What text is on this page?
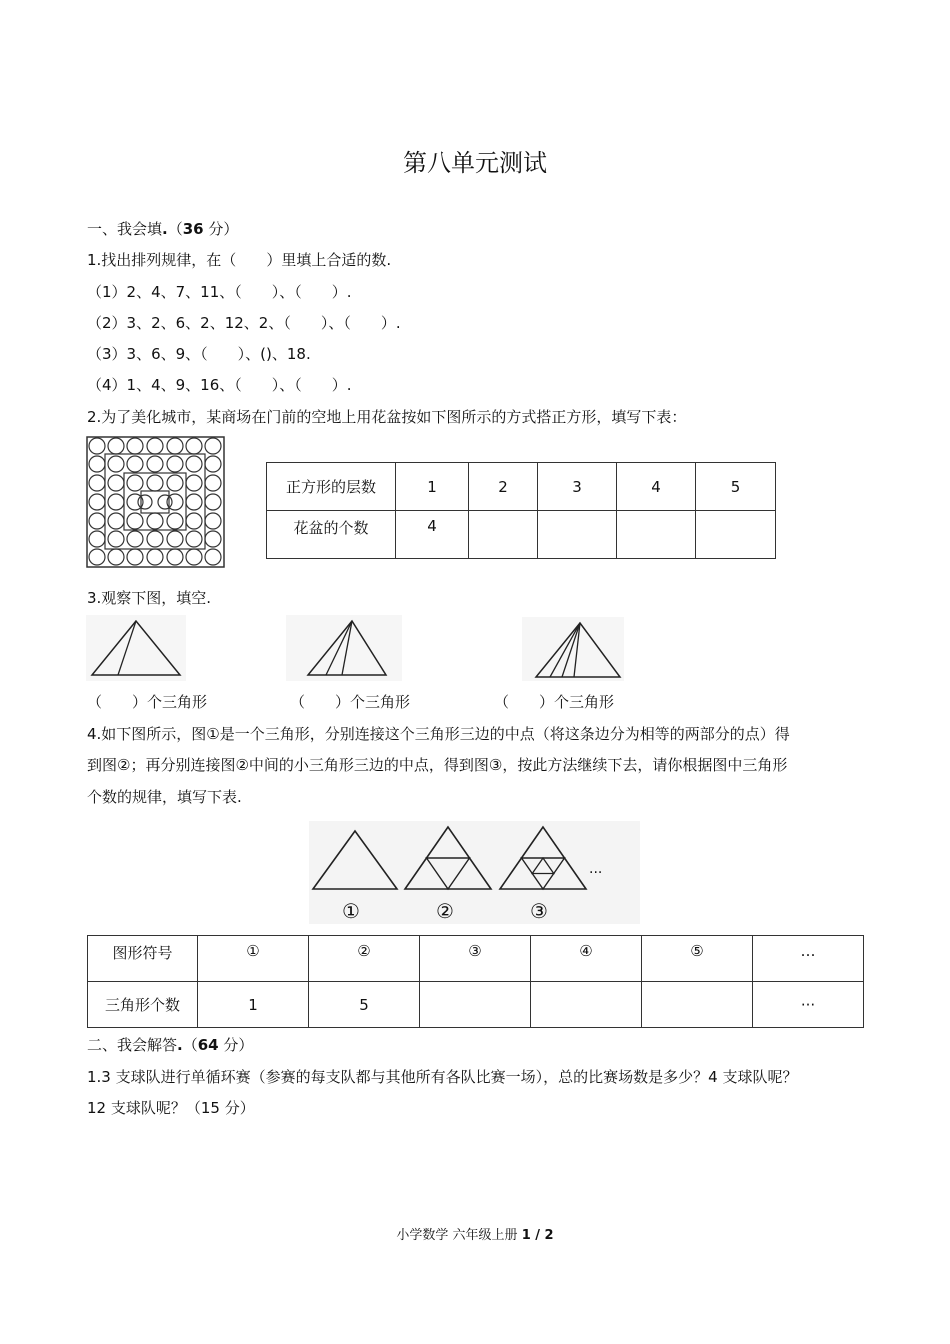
第八单元测试
一、我会填.（36 分）
1.找出排列规律，在（　　）里填上合适的数.
（1）2、4、7、11、（　　）、（　　）.
（2）3、2、6、2、12、2、（　　）、（　　）.
（3）3、6、9、（　　）、()、18.
（4）1、4、9、16、（　　）、（　　）.
2.为了美化城市，某商场在门前的空地上用花盆按如下图所示的方式搭正方形，填写下表：
正方形的层数	1	2	3	4	5
花盆的个数	4				
3.观察下图，填空.
（　　）个三角形	（　　）个三角形	（　　）个三角形
4.如下图所示，图①是一个三角形，分别连接这个三角形三边的中点（将这条边分为相等的两部分的点）得
到图②；再分别连接图②中间的小三角形三边的中点，得到图③，按此方法继续下去，请你根据图中三角形
个数的规律，填写下表.
···
①	②	③
图形符号	①	②	③	④	⑤	…
三角形个数	1	5				···
二、我会解答.（64 分）
1.3 支球队进行单循环赛（参赛的每支队都与其他所有各队比赛一场），总的比赛场数是多少？4 支球队呢？
12 支球队呢？（15 分）
小学数学 六年级上册 1 / 2
